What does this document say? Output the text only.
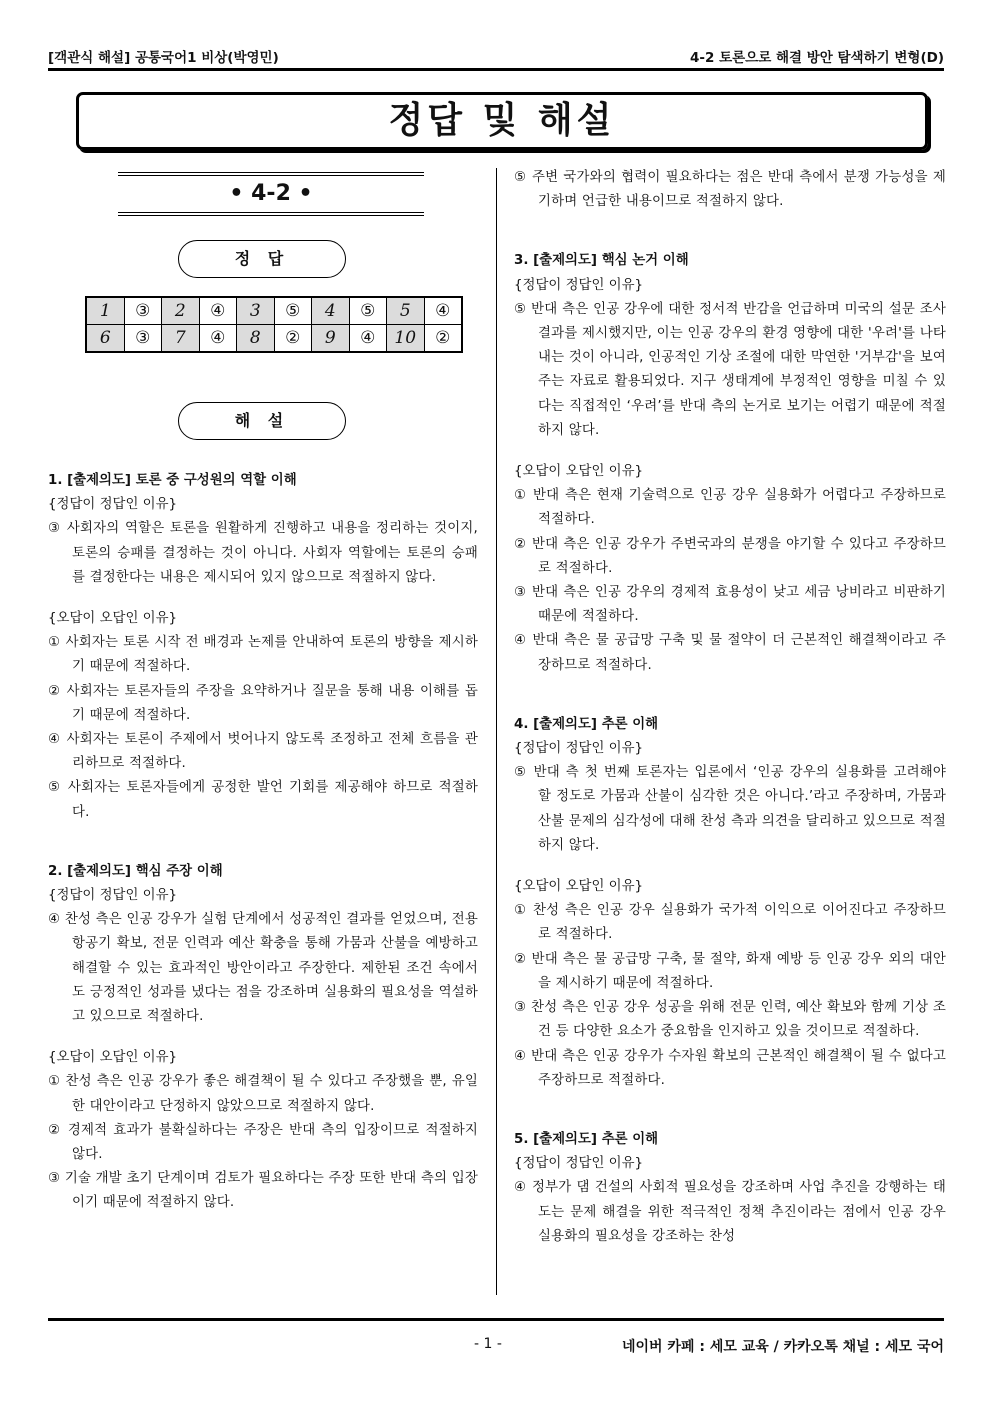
[객관식 해설] 공통국어1 비상(박영민)	4-2 토론으로 해결 방안 탐색하기 변형(D)
정답 및 해설
• 4-2 •
정 답
1	③	2	④	3	⑤	4	⑤	5	④
6	③	7	④	8	②	9	④	10	②
해 설

1. [출제의도] 토론 중 구성원의 역할 이해

{정답이 정답인 이유}

③ 사회자의 역할은 토론을 원활하게 진행하고 내용을 정리하는 것이지, 토론의 승패를 결정하는 것이 아니다. 사회자 역할에는 토론의 승패를 결정한다는 내용은 제시되어 있지 않으므로 적절하지 않다.

{오답이 오답인 이유}

① 사회자는 토론 시작 전 배경과 논제를 안내하여 토론의 방향을 제시하기 때문에 적절하다.

② 사회자는 토론자들의 주장을 요약하거나 질문을 통해 내용 이해를 돕기 때문에 적절하다.

④ 사회자는 토론이 주제에서 벗어나지 않도록 조정하고 전체 흐름을 관리하므로 적절하다.

⑤ 사회자는 토론자들에게 공정한 발언 기회를 제공해야 하므로 적절하다.

2. [출제의도] 핵심 주장 이해

{정답이 정답인 이유}

④ 찬성 측은 인공 강우가 실험 단계에서 성공적인 결과를 얻었으며, 전용 항공기 확보, 전문 인력과 예산 확충을 통해 가뭄과 산불을 예방하고 해결할 수 있는 효과적인 방안이라고 주장한다. 제한된 조건 속에서도 긍정적인 성과를 냈다는 점을 강조하며 실용화의 필요성을 역설하고 있으므로 적절하다.

{오답이 오답인 이유}

① 찬성 측은 인공 강우가 좋은 해결책이 될 수 있다고 주장했을 뿐, 유일한 대안이라고 단정하지 않았으므로 적절하지 않다.

② 경제적 효과가 불확실하다는 주장은 반대 측의 입장이므로 적절하지 않다.

③ 기술 개발 초기 단계이며 검토가 필요하다는 주장 또한 반대 측의 입장이기 때문에 적절하지 않다.

⑤ 주변 국가와의 협력이 필요하다는 점은 반대 측에서 분쟁 가능성을 제기하며 언급한 내용이므로 적절하지 않다.

3. [출제의도] 핵심 논거 이해

{정답이 정답인 이유}

⑤ 반대 측은 인공 강우에 대한 정서적 반감을 언급하며 미국의 설문 조사 결과를 제시했지만, 이는 인공 강우의 환경 영향에 대한 '우려'를 나타내는 것이 아니라, 인공적인 기상 조절에 대한 막연한 '거부감'을 보여주는 자료로 활용되었다. 지구 생태계에 부정적인 영향을 미칠 수 있다는 직접적인 ‘우려’를 반대 측의 논거로 보기는 어렵기 때문에 적절하지 않다.

{오답이 오답인 이유}

① 반대 측은 현재 기술력으로 인공 강우 실용화가 어렵다고 주장하므로 적절하다.

② 반대 측은 인공 강우가 주변국과의 분쟁을 야기할 수 있다고 주장하므로 적절하다.

③ 반대 측은 인공 강우의 경제적 효용성이 낮고 세금 낭비라고 비판하기 때문에 적절하다.

④ 반대 측은 물 공급망 구축 및 물 절약이 더 근본적인 해결책이라고 주장하므로 적절하다.

4. [출제의도] 추론 이해

{정답이 정답인 이유}

⑤ 반대 측 첫 번째 토론자는 입론에서 ‘인공 강우의 실용화를 고려해야 할 정도로 가뭄과 산불이 심각한 것은 아니다.’라고 주장하며, 가뭄과 산불 문제의 심각성에 대해 찬성 측과 의견을 달리하고 있으므로 적절하지 않다.

{오답이 오답인 이유}

① 찬성 측은 인공 강우 실용화가 국가적 이익으로 이어진다고 주장하므로 적절하다.

② 반대 측은 물 공급망 구축, 물 절약, 화재 예방 등 인공 강우 외의 대안을 제시하기 때문에 적절하다.

③ 찬성 측은 인공 강우 성공을 위해 전문 인력, 예산 확보와 함께 기상 조건 등 다양한 요소가 중요함을 인지하고 있을 것이므로 적절하다.

④ 반대 측은 인공 강우가 수자원 확보의 근본적인 해결책이 될 수 없다고 주장하므로 적절하다.

5. [출제의도] 추론 이해

{정답이 정답인 이유}

④ 정부가 댐 건설의 사회적 필요성을 강조하며 사업 추진을 강행하는 태도는 문제 해결을 위한 적극적인 정책 추진이라는 점에서 인공 강우 실용화의 필요성을 강조하는 찬성

- 1 -	네이버 카페 : 세모 교육 / 카카오톡 채널 : 세모 국어
